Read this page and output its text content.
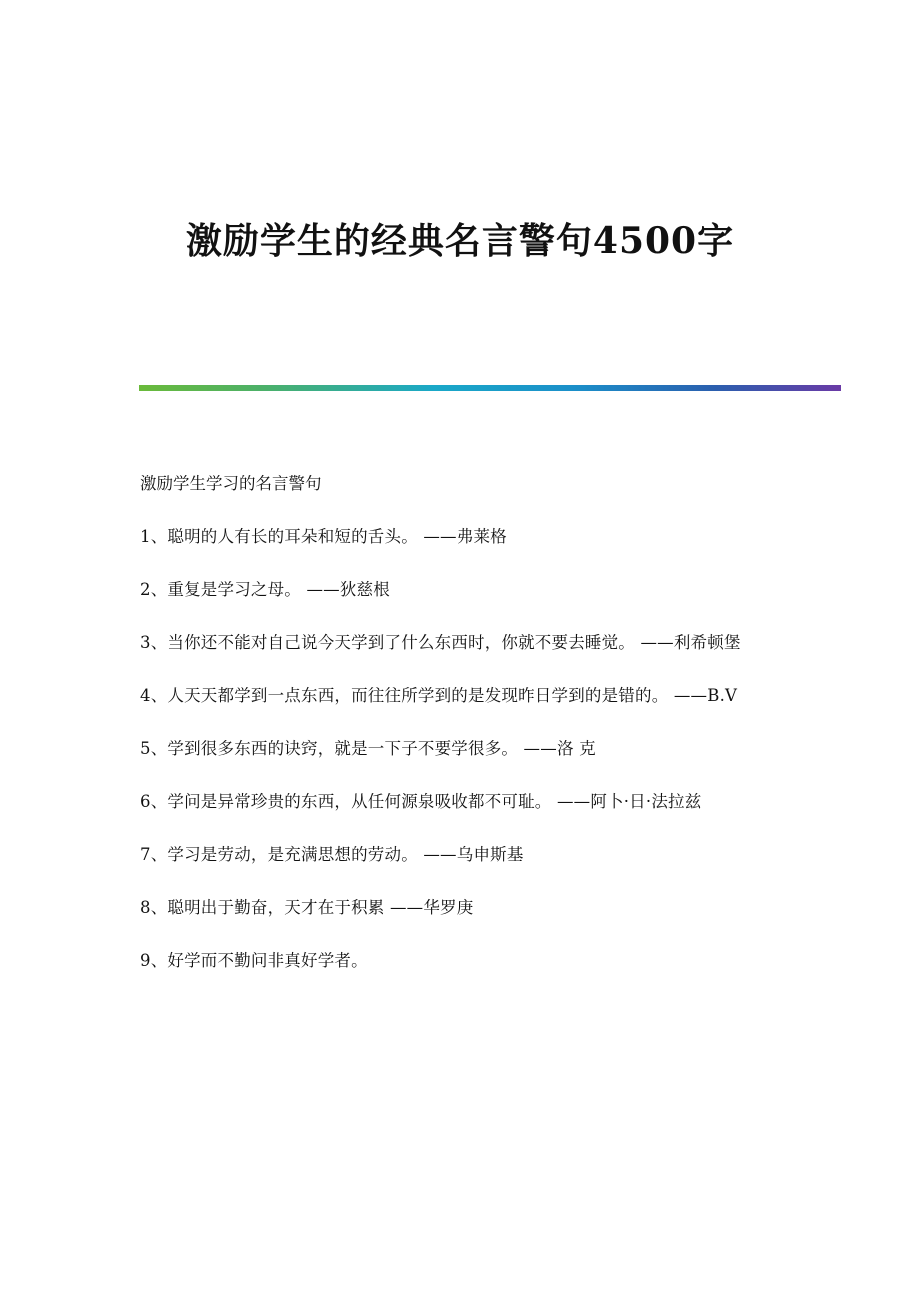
激励学生的经典名言警句4500字

激励学生学习的名言警句

1、聪明的人有长的耳朵和短的舌头。 ——弗莱格

2、重复是学习之母。 ——狄慈根

3、当你还不能对自己说今天学到了什么东西时，你就不要去睡觉。 ——利希顿堡

4、人天天都学到一点东西，而往往所学到的是发现昨日学到的是错的。 ——B.V

5、学到很多东西的诀窍，就是一下子不要学很多。 ——洛 克

6、学问是异常珍贵的东西，从任何源泉吸收都不可耻。 ——阿卜·日·法拉兹

7、学习是劳动，是充满思想的劳动。 ——乌申斯基

8、聪明出于勤奋，天才在于积累 ——华罗庚

9、好学而不勤问非真好学者。
